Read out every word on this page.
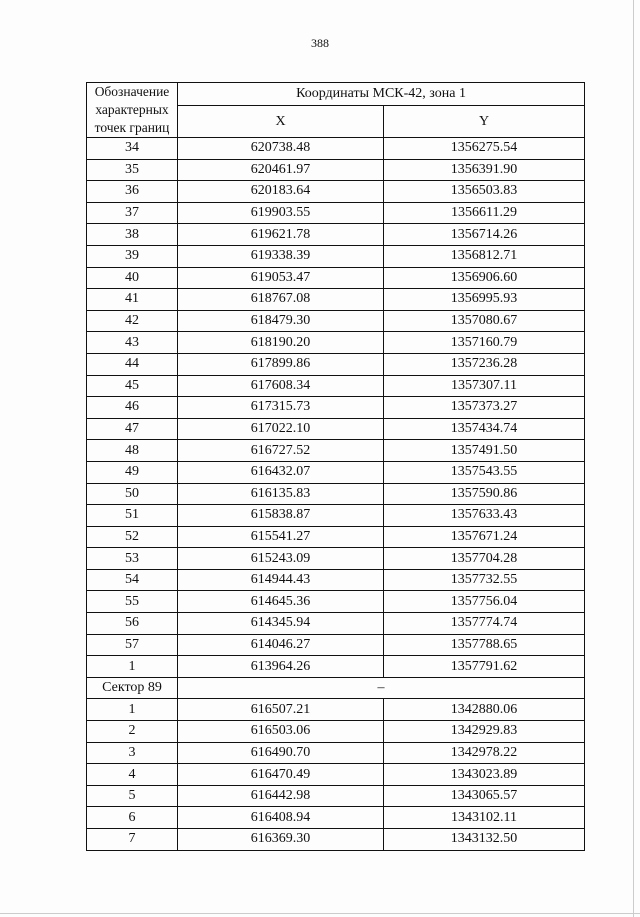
388
Обозначение характерных точек границ	Координаты МСК-42, зона 1	
	X	Y
34	620738.48	1356275.54
35	620461.97	1356391.90
36	620183.64	1356503.83
37	619903.55	1356611.29
38	619621.78	1356714.26
39	619338.39	1356812.71
40	619053.47	1356906.60
41	618767.08	1356995.93
42	618479.30	1357080.67
43	618190.20	1357160.79
44	617899.86	1357236.28
45	617608.34	1357307.11
46	617315.73	1357373.27
47	617022.10	1357434.74
48	616727.52	1357491.50
49	616432.07	1357543.55
50	616135.83	1357590.86
51	615838.87	1357633.43
52	615541.27	1357671.24
53	615243.09	1357704.28
54	614944.43	1357732.55
55	614645.36	1357756.04
56	614345.94	1357774.74
57	614046.27	1357788.65
1	613964.26	1357791.62
Сектор 89	–	
1	616507.21	1342880.06
2	616503.06	1342929.83
3	616490.70	1342978.22
4	616470.49	1343023.89
5	616442.98	1343065.57
6	616408.94	1343102.11
7	616369.30	1343132.50
